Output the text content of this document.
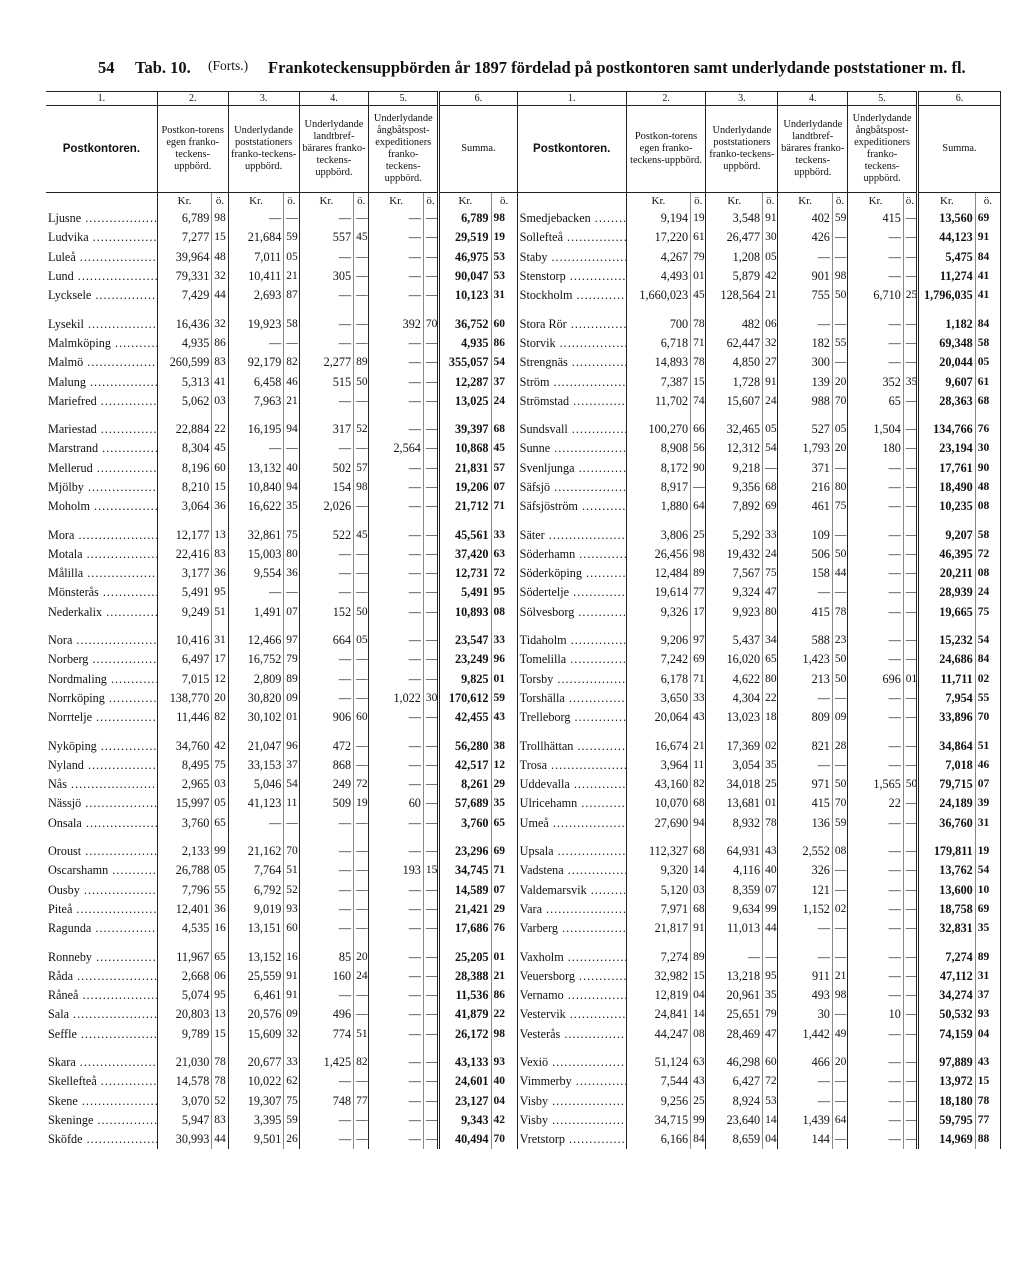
54 Tab. 10. (Forts.) Frankoteckensuppbörden år 1897 fördelad på postkontoren samt underlydande poststationer m. fl.
1.	2.		3.		4.		5.		6.		1.	2.		3.		4.		5.		6.	
Postkontoren.	Postkon-torens egen franko-teckens-uppbörd.		Underlydande poststationers franko-teckens-uppbörd.		Underlydande landtbref-bärares franko-teckens-uppbörd.		Underlydande ångbåtspost-expeditioners franko-teckens-uppbörd.		Summa.		Postkontoren.	Postkon-torens egen franko-teckens-uppbörd.		Underlydande poststationers franko-teckens-uppbörd.		Underlydande landtbref-bärares franko-teckens-uppbörd.		Underlydande ångbåtspost-expeditioners franko-teckens-uppbörd.		Summa.	
	Kr.	ö.	Kr.	ö.	Kr.	ö.	Kr.	ö.	Kr.	ö.		Kr.	ö.	Kr.	ö.	Kr.	ö.	Kr.	ö.	Kr.	ö.
Ljusne .....	6,789	98	—	—	—	—	—	—	6,789	98	Smedjebacken .....	9,194	19	3,548	91	402	59	415	—	13,560	69
Ludvika .....	7,277	15	21,684	59	557	45	—	—	29,519	19	Sollefteå .....	17,220	61	26,477	30	426	—	—	—	44,123	91
Luleå .....	39,964	48	7,011	05	—	—	—	—	46,975	53	Staby .....	4,267	79	1,208	05	—	—	—	—	5,475	84
Lund .....	79,331	32	10,411	21	305	—	—	—	90,047	53	Stenstorp .....	4,493	01	5,879	42	901	98	—	—	11,274	41
Lycksele .....	7,429	44	2,693	87	—	—	—	—	10,123	31	Stockholm .....	1,660,023	45	128,564	21	755	50	6,710	25	1,796,035	41

Lysekil .....	16,436	32	19,923	58	—	—	392	70	36,752	60	Stora Rör .....	700	78	482	06	—	—	—	—	1,182	84
Malmköping .....	4,935	86	—	—	—	—	—	—	4,935	86	Storvik .....	6,718	71	62,447	32	182	55	—	—	69,348	58
Malmö .....	260,599	83	92,179	82	2,277	89	—	—	355,057	54	Strengnäs .....	14,893	78	4,850	27	300	—	—	—	20,044	05
Malung .....	5,313	41	6,458	46	515	50	—	—	12,287	37	Ström .....	7,387	15	1,728	91	139	20	352	35	9,607	61
Mariefred .....	5,062	03	7,963	21	—	—	—	—	13,025	24	Strömstad .....	11,702	74	15,607	24	988	70	65	—	28,363	68

Mariestad .....	22,884	22	16,195	94	317	52	—	—	39,397	68	Sundsvall .....	100,270	66	32,465	05	527	05	1,504	—	134,766	76
Marstrand .....	8,304	45	—	—	—	—	2,564	—	10,868	45	Sunne .....	8,908	56	12,312	54	1,793	20	180	—	23,194	30
Mellerud .....	8,196	60	13,132	40	502	57	—	—	21,831	57	Svenljunga .....	8,172	90	9,218	—	371	—	—	—	17,761	90
Mjölby .....	8,210	15	10,840	94	154	98	—	—	19,206	07	Säfsjö .....	8,917	—	9,356	68	216	80	—	—	18,490	48
Moholm .....	3,064	36	16,622	35	2,026	—	—	—	21,712	71	Säfsjöström .....	1,880	64	7,892	69	461	75	—	—	10,235	08

Mora .....	12,177	13	32,861	75	522	45	—	—	45,561	33	Säter .....	3,806	25	5,292	33	109	—	—	—	9,207	58
Motala .....	22,416	83	15,003	80	—	—	—	—	37,420	63	Söderhamn .....	26,456	98	19,432	24	506	50	—	—	46,395	72
Målilla .....	3,177	36	9,554	36	—	—	—	—	12,731	72	Söderköping .....	12,484	89	7,567	75	158	44	—	—	20,211	08
Mönsterås .....	5,491	95	—	—	—	—	—	—	5,491	95	Södertelje .....	19,614	77	9,324	47	—	—	—	—	28,939	24
Nederkalix .....	9,249	51	1,491	07	152	50	—	—	10,893	08	Sölvesborg .....	9,326	17	9,923	80	415	78	—	—	19,665	75

Nora .....	10,416	31	12,466	97	664	05	—	—	23,547	33	Tidaholm .....	9,206	97	5,437	34	588	23	—	—	15,232	54
Norberg .....	6,497	17	16,752	79	—	—	—	—	23,249	96	Tomelilla .....	7,242	69	16,020	65	1,423	50	—	—	24,686	84
Nordmaling .....	7,015	12	2,809	89	—	—	—	—	9,825	01	Torsby .....	6,178	71	4,622	80	213	50	696	01	11,711	02
Norrköping .....	138,770	20	30,820	09	—	—	1,022	30	170,612	59	Torshälla .....	3,650	33	4,304	22	—	—	—	—	7,954	55
Norrtelje .....	11,446	82	30,102	01	906	60	—	—	42,455	43	Trelleborg .....	20,064	43	13,023	18	809	09	—	—	33,896	70

Nyköping .....	34,760	42	21,047	96	472	—	—	—	56,280	38	Trollhättan .....	16,674	21	17,369	02	821	28	—	—	34,864	51
Nyland .....	8,495	75	33,153	37	868	—	—	—	42,517	12	Trosa .....	3,964	11	3,054	35	—	—	—	—	7,018	46
Nås .....	2,965	03	5,046	54	249	72	—	—	8,261	29	Uddevalla .....	43,160	82	34,018	25	971	50	1,565	50	79,715	07
Nässjö .....	15,997	05	41,123	11	509	19	60	—	57,689	35	Ulricehamn .....	10,070	68	13,681	01	415	70	22	—	24,189	39
Onsala .....	3,760	65	—	—	—	—	—	—	3,760	65	Umeå .....	27,690	94	8,932	78	136	59	—	—	36,760	31

Oroust .....	2,133	99	21,162	70	—	—	—	—	23,296	69	Upsala .....	112,327	68	64,931	43	2,552	08	—	—	179,811	19
Oscarshamn .....	26,788	05	7,764	51	—	—	193	15	34,745	71	Vadstena .....	9,320	14	4,116	40	326	—	—	—	13,762	54
Ousby .....	7,796	55	6,792	52	—	—	—	—	14,589	07	Valdemarsvik .....	5,120	03	8,359	07	121	—	—	—	13,600	10
Piteå .....	12,401	36	9,019	93	—	—	—	—	21,421	29	Vara .....	7,971	68	9,634	99	1,152	02	—	—	18,758	69
Ragunda .....	4,535	16	13,151	60	—	—	—	—	17,686	76	Varberg .....	21,817	91	11,013	44	—	—	—	—	32,831	35

Ronneby .....	11,967	65	13,152	16	85	20	—	—	25,205	01	Vaxholm .....	7,274	89	—	—	—	—	—	—	7,274	89
Råda .....	2,668	06	25,559	91	160	24	—	—	28,388	21	Veuersborg .....	32,982	15	13,218	95	911	21	—	—	47,112	31
Råneå .....	5,074	95	6,461	91	—	—	—	—	11,536	86	Vernamo .....	12,819	04	20,961	35	493	98	—	—	34,274	37
Sala .....	20,803	13	20,576	09	496	—	—	—	41,879	22	Vestervik .....	24,841	14	25,651	79	30	—	10	—	50,532	93
Seffle .....	9,789	15	15,609	32	774	51	—	—	26,172	98	Vesterås .....	44,247	08	28,469	47	1,442	49	—	—	74,159	04

Skara .....	21,030	78	20,677	33	1,425	82	—	—	43,133	93	Vexiö .....	51,124	63	46,298	60	466	20	—	—	97,889	43
Skellefteå .....	14,578	78	10,022	62	—	—	—	—	24,601	40	Vimmerby .....	7,544	43	6,427	72	—	—	—	—	13,972	15
Skene .....	3,070	52	19,307	75	748	77	—	—	23,127	04	Visby .....	9,256	25	8,924	53	—	—	—	—	18,180	78
Skeninge .....	5,947	83	3,395	59	—	—	—	—	9,343	42	Visby .....	34,715	99	23,640	14	1,439	64	—	—	59,795	77
Sköfde .....	30,993	44	9,501	26	—	—	—	—	40,494	70	Vretstorp .....	6,166	84	8,659	04	144	—	—	—	14,969	88
